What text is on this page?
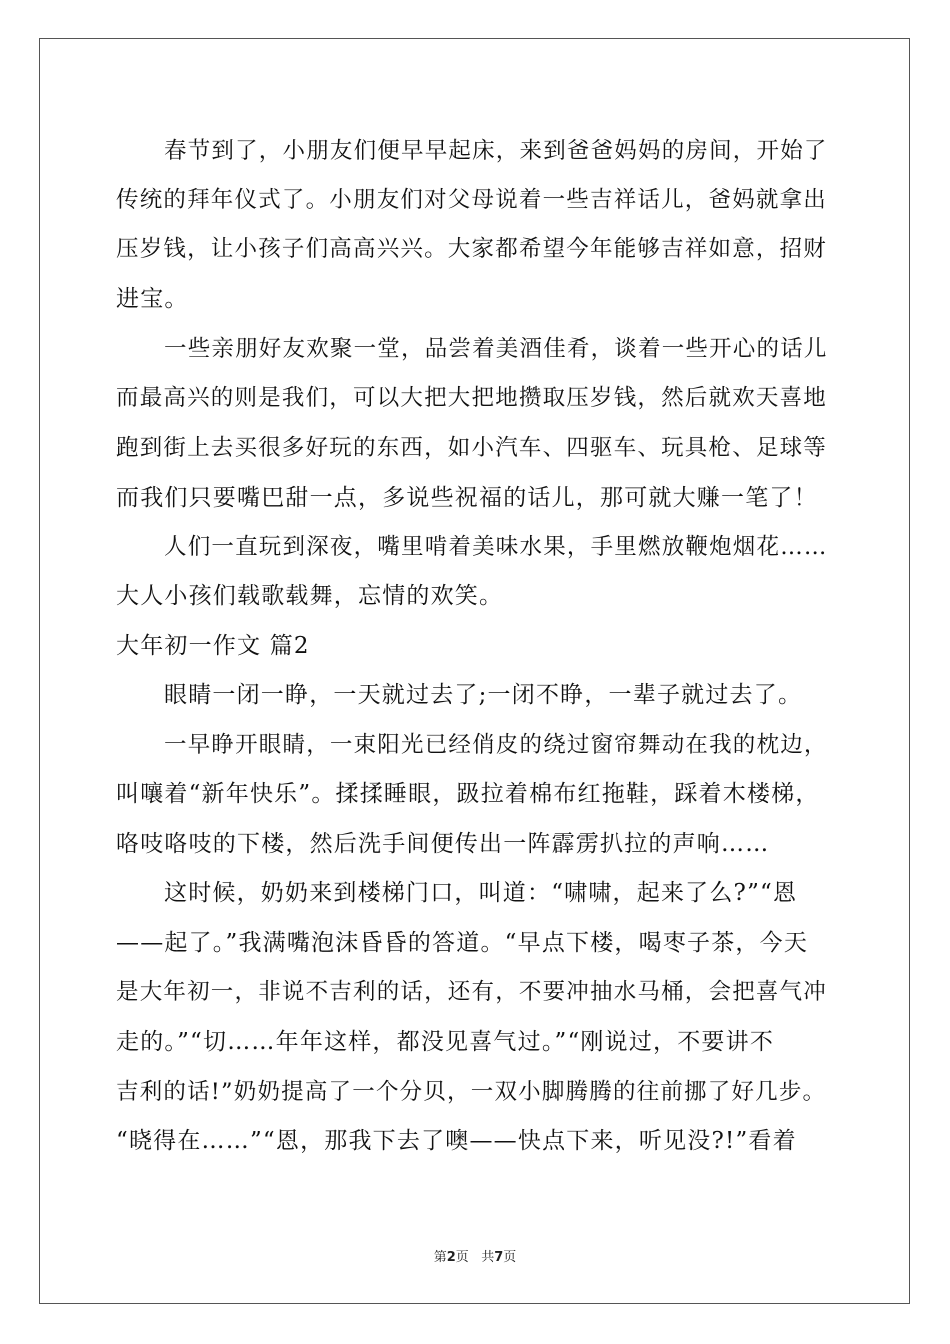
春节到了，小朋友们便早早起床，来到爸爸妈妈的房间，开始了
传统的拜年仪式了。小朋友们对父母说着一些吉祥话儿，爸妈就拿出
压岁钱，让小孩子们高高兴兴。大家都希望今年能够吉祥如意，招财
进宝。
一些亲朋好友欢聚一堂，品尝着美酒佳肴，谈着一些开心的话儿
而最高兴的则是我们，可以大把大把地攒取压岁钱，然后就欢天喜地
跑到街上去买很多好玩的东西，如小汽车、四驱车、玩具枪、足球等
而我们只要嘴巴甜一点，多说些祝福的话儿，那可就大赚一笔了！
人们一直玩到深夜，嘴里啃着美味水果，手里燃放鞭炮烟花……
大人小孩们载歌载舞，忘情的欢笑。
大年初一作文 篇2
眼睛一闭一睁，一天就过去了;一闭不睁，一辈子就过去了。
一早睁开眼睛，一束阳光已经俏皮的绕过窗帘舞动在我的枕边，
叫嚷着“新年快乐”。揉揉睡眼，趿拉着棉布红拖鞋，踩着木楼梯，
咯吱咯吱的下楼，然后洗手间便传出一阵霹雳扒拉的声响……
这时候，奶奶来到楼梯门口，叫道：“啸啸，起来了么?”“恩
——起了。”我满嘴泡沫昏昏的答道。“早点下楼，喝枣子茶，今天
是大年初一，非说不吉利的话，还有，不要冲抽水马桶，会把喜气冲
走的。”“切……年年这样，都没见喜气过。”“刚说过，不要讲不
吉利的话!”奶奶提高了一个分贝，一双小脚腾腾的往前挪了好几步。
“晓得在……”“恩，那我下去了噢——快点下来，听见没?!”看着
第2页   共7页
